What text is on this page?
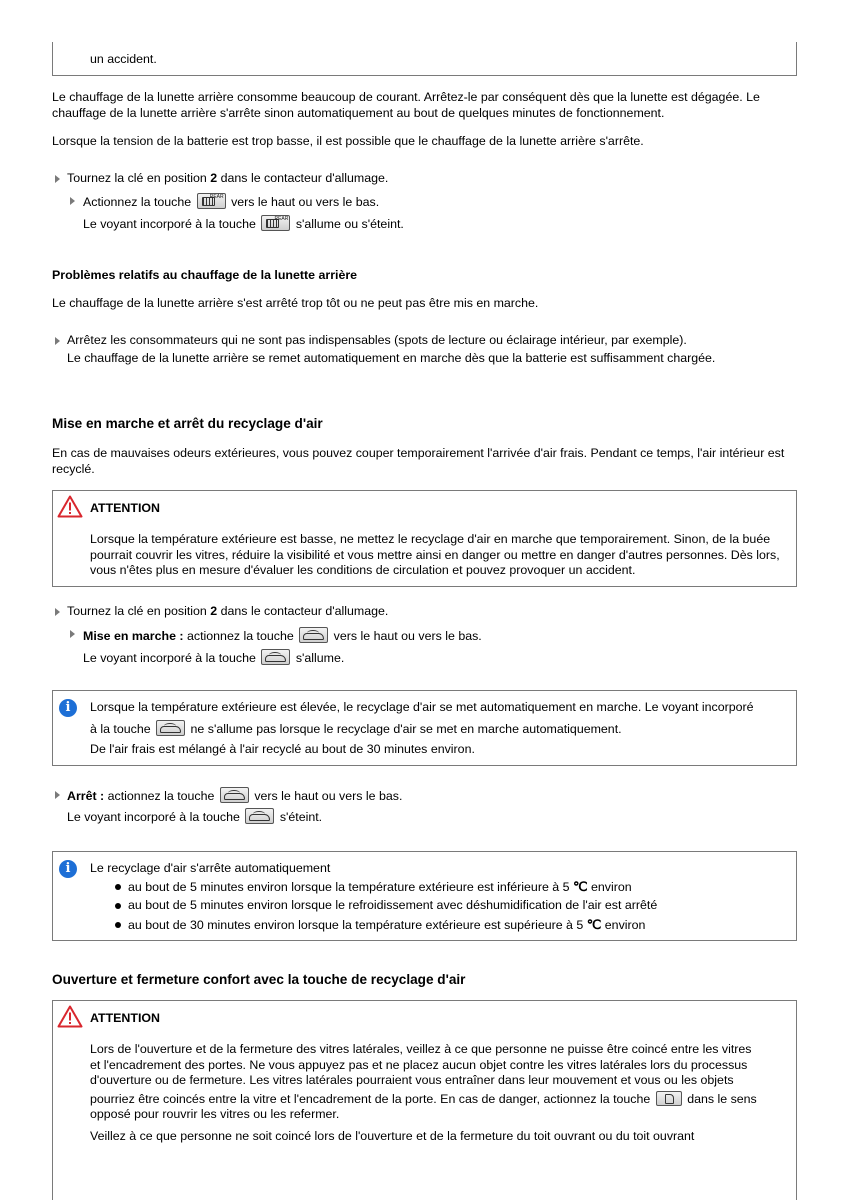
un accident.
Le chauffage de la lunette arrière consomme beaucoup de courant. Arrêtez-le par conséquent dès que la lunette est dégagée. Le chauffage de la lunette arrière s'arrête sinon automatiquement au bout de quelques minutes de fonctionnement.
Lorsque la tension de la batterie est trop basse, il est possible que le chauffage de la lunette arrière s'arrête.
Tournez la clé en position 2 dans le contacteur d'allumage.
Actionnez la touche REAR	vers le haut ou vers le bas.
Le voyant incorporé à la touche REAR	s'allume ou s'éteint.
Problèmes relatifs au chauffage de la lunette arrière
Le chauffage de la lunette arrière s'est arrêté trop tôt ou ne peut pas être mis en marche.
Arrêtez les consommateurs qui ne sont pas indispensables (spots de lecture ou éclairage intérieur, par exemple).
Le chauffage de la lunette arrière se remet automatiquement en marche dès que la batterie est suffisamment chargée.
Mise en marche et arrêt du recyclage d'air
En cas de mauvaises odeurs extérieures, vous pouvez couper temporairement l'arrivée d'air frais. Pendant ce temps, l'air intérieur est recyclé.
ATTENTION
Lorsque la température extérieure est basse, ne mettez le recyclage d'air en marche que temporairement. Sinon, de la buée pourrait couvrir les vitres, réduire la visibilité et vous mettre ainsi en danger ou mettre en danger d'autres personnes. Dès lors, vous n'êtes plus en mesure d'évaluer les conditions de circulation et pouvez provoquer un accident.
Tournez la clé en position 2 dans le contacteur d'allumage.
Mise en marche : actionnez la touche	vers le haut ou vers le bas.
Le voyant incorporé à la touche	s'allume.
i	Lorsque la température extérieure est élevée, le recyclage d'air se met automatiquement en marche. Le voyant incorporé
à la touche	ne s'allume pas lorsque le recyclage d'air se met en marche automatiquement.
De l'air frais est mélangé à l'air recyclé au bout de 30 minutes environ.
Arrêt : actionnez la touche	vers le haut ou vers le bas.
Le voyant incorporé à la touche	s'éteint.
i	Le recyclage d'air s'arrête automatiquement
au bout de 5 minutes environ lorsque la température extérieure est inférieure à 5 ℃ environ
au bout de 5 minutes environ lorsque le refroidissement avec déshumidification de l'air est arrêté
au bout de 30 minutes environ lorsque la température extérieure est supérieure à 5 ℃ environ
Ouverture et fermeture confort avec la touche de recyclage d'air
ATTENTION
Lors de l'ouverture et de la fermeture des vitres latérales, veillez à ce que personne ne puisse être coincé entre les vitres
et l'encadrement des portes. Ne vous appuyez pas et ne placez aucun objet contre les vitres latérales lors du processus
d'ouverture ou de fermeture. Les vitres latérales pourraient vous entraîner dans leur mouvement et vous ou les objets
pourriez être coincés entre la vitre et l'encadrement de la porte. En cas de danger, actionnez la touche	dans le sens
opposé pour rouvrir les vitres ou les refermer.
Veillez à ce que personne ne soit coincé lors de l'ouverture et de la fermeture du toit ouvrant ou du toit ouvrant
